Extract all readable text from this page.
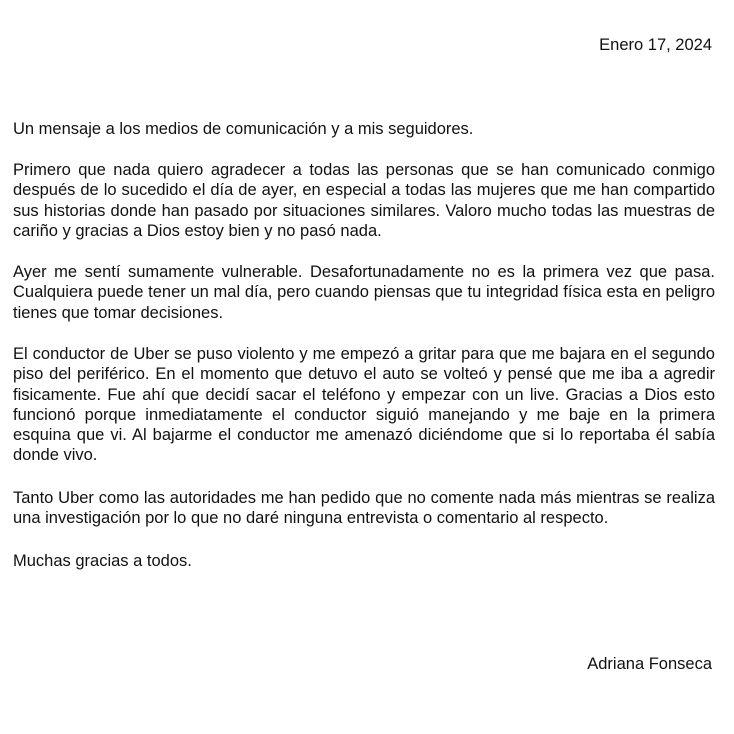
Enero 17, 2024

Un mensaje a los medios de comunicación y a mis seguidores.

Primero que nada quiero agradecer a todas las personas que se han comunicado conmigo después de lo sucedido el día de ayer, en especial a todas las mujeres que me han compartido sus historias donde han pasado por situaciones similares. Valoro mucho todas las muestras de cariño y gracias a Dios estoy bien y no pasó nada.

Ayer me sentí sumamente vulnerable. Desafortunadamente no es la primera vez que pasa. Cualquiera puede tener un mal día, pero cuando piensas que tu integridad física esta en peligro tienes que tomar decisiones.

El conductor de Uber se puso violento y me empezó a gritar para que me bajara en el segundo piso del periférico. En el momento que detuvo el auto se volteó y pensé que me iba a agredir fisicamente. Fue ahí que decidí sacar el teléfono y empezar con un live. Gracias a Dios esto funcionó porque inmediatamente el conductor siguió manejando y me baje en la primera esquina que vi. Al bajarme el conductor me amenazó diciéndome que si lo reportaba él sabía donde vivo.

Tanto Uber como las autoridades me han pedido que no comente nada más mientras se realiza una investigación por lo que no daré ninguna entrevista o comentario al respecto.

Muchas gracias a todos.

Adriana Fonseca
